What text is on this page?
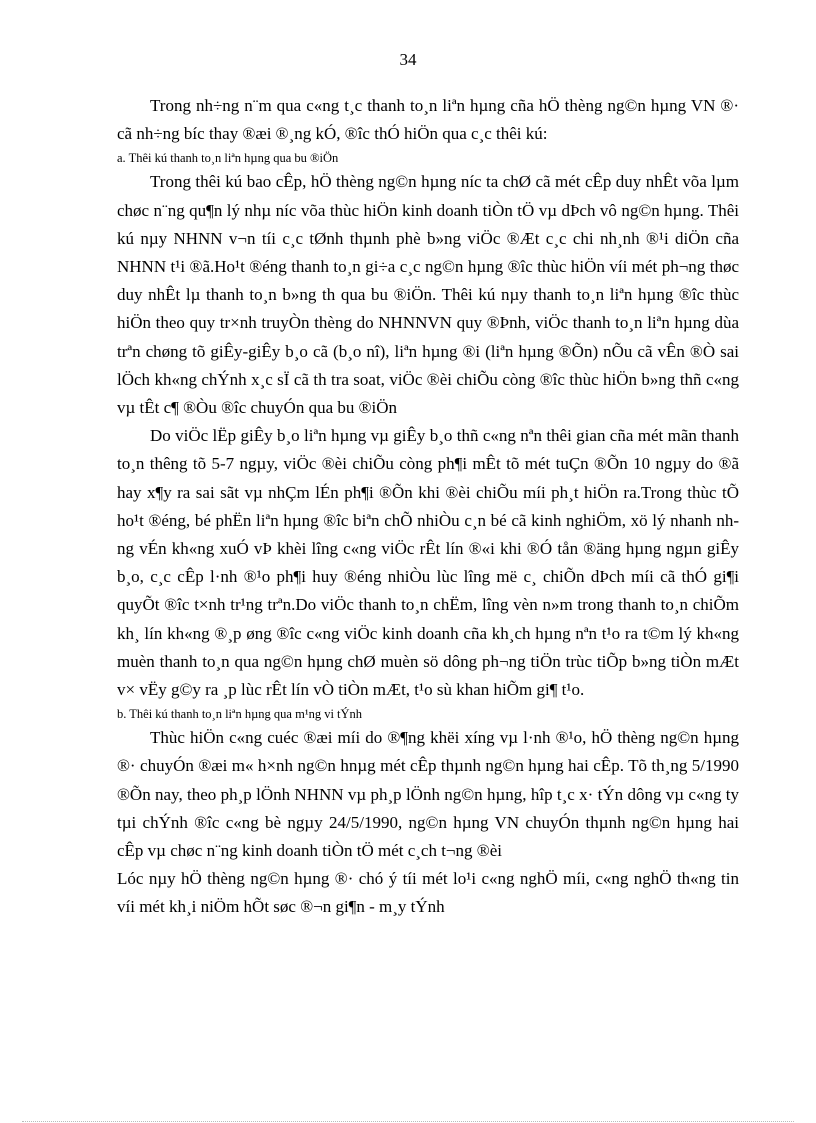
34

Trong nh÷ng n¨m qua c«ng t¸c thanh to¸n liªn hµng cña hÖ thèng ng©n hµng VN ®· cã nh÷ng bíc thay ®æi ®¸ng kÓ, ®îc thÓ hiÖn qua c¸c thêi kú:

a. Thêi kú thanh to¸n liªn hµng qua bu ®iÖn

Trong thêi kú bao cÊp, hÖ thèng ng©n hµng níc ta chØ cã mét cÊp duy nhÊt võa lµm chøc n¨ng qu¶n lý nhµ níc võa thùc hiÖn kinh doanh tiÒn tÖ vµ dÞch vô ng©n hµng. Thêi kú nµy NHNN v¬n tíi c¸c tØnh thµnh phè b»ng viÖc ®Æt c¸c chi nh¸nh ®¹i diÖn cña NHNN t¹i ®ã.Ho¹t ®éng thanh to¸n gi÷a c¸c ng©n hµng ®îc thùc hiÖn víi mét ph¬ng thøc duy nhÊt lµ thanh to¸n b»ng th qua bu ®iÖn. Thêi kú nµy thanh to¸n liªn hµng ®îc thùc hiÖn theo quy tr×nh truyÒn thèng do NHNNVN quy ®Þnh, viÖc thanh to¸n liªn hµng dùa trªn chøng tõ giÊy-giÊy b¸o cã (b¸o nî), liªn hµng ®i (liªn hµng ®Õn) nÕu cã vÊn ®Ò sai lÖch kh«ng chÝnh x¸c sÏ cã th tra soat, viÖc ®èi chiÕu còng ®îc thùc hiÖn b»ng thñ c«ng vµ tÊt c¶ ®Òu ®îc chuyÓn qua bu ®iÖn

Do viÖc lËp giÊy b¸o liªn hµng vµ giÊy b¸o thñ c«ng nªn thêi gian cña mét mãn thanh to¸n thêng tõ 5-7 ngµy, viÖc ®èi chiÕu còng ph¶i mÊt tõ mét tuÇn ®Õn 10 ngµy do ®ã hay x¶y ra sai sãt vµ nhÇm lÉn ph¶i ®Õn khi ®èi chiÕu míi ph¸t hiÖn ra.Trong thùc tÕ ho¹t ®éng, bé phËn liªn hµng ®îc biªn chÕ nhiÒu c¸n bé cã kinh nghiÖm, xö lý nhanh nhng vÉn kh«ng xuÓ vÞ khèi lîng c«ng viÖc rÊt lín ®«i khi ®Ó tån ®äng hµng ngµn giÊy b¸o, c¸c cÊp l·nh ®¹o ph¶i huy ®éng nhiÒu lùc lîng më c¸ chiÕn dÞch míi cã thÓ gi¶i quyÕt ®îc t×nh tr¹ng trªn.Do viÖc thanh to¸n chËm, lîng vèn n»m trong thanh to¸n chiÕm kh¸ lín kh«ng ®¸p øng ®îc c«ng viÖc kinh doanh cña kh¸ch hµng nªn t¹o ra t©m lý kh«ng muèn thanh to¸n qua ng©n hµng chØ muèn sö dông ph¬ng tiÖn trùc tiÕp b»ng tiÒn mÆt v× vËy g©y ra ¸p lùc rÊt lín vÒ tiÒn mÆt, t¹o sù khan hiÕm gi¶ t¹o.

b. Thêi kú thanh to¸n liªn hµng qua m¹ng vi tÝnh

Thùc hiÖn c«ng cuéc ®æi míi do ®¶ng khëi xíng vµ l·nh ®¹o, hÖ thèng ng©n hµng ®· chuyÓn ®æi m« h×nh ng©n hnµg mét cÊp thµnh ng©n hµng hai cÊp. Tõ th¸ng 5/1990 ®Õn nay, theo ph¸p lÖnh NHNN vµ ph¸p lÖnh ng©n hµng, hîp t¸c x· tÝn dông vµ c«ng ty tµi chÝnh ®îc c«ng bè ngµy 24/5/1990, ng©n hµng VN chuyÓn thµnh ng©n hµng hai cÊp vµ chøc n¨ng kinh doanh tiÒn tÖ mét c¸ch t¬ng ®èi

Lóc nµy hÖ thèng ng©n hµng ®· chó ý tíi mét lo¹i c«ng nghÖ míi, c«ng nghÖ th«ng tin víi mét kh¸i niÖm hÕt søc ®¬n gi¶n - m¸y tÝnh
